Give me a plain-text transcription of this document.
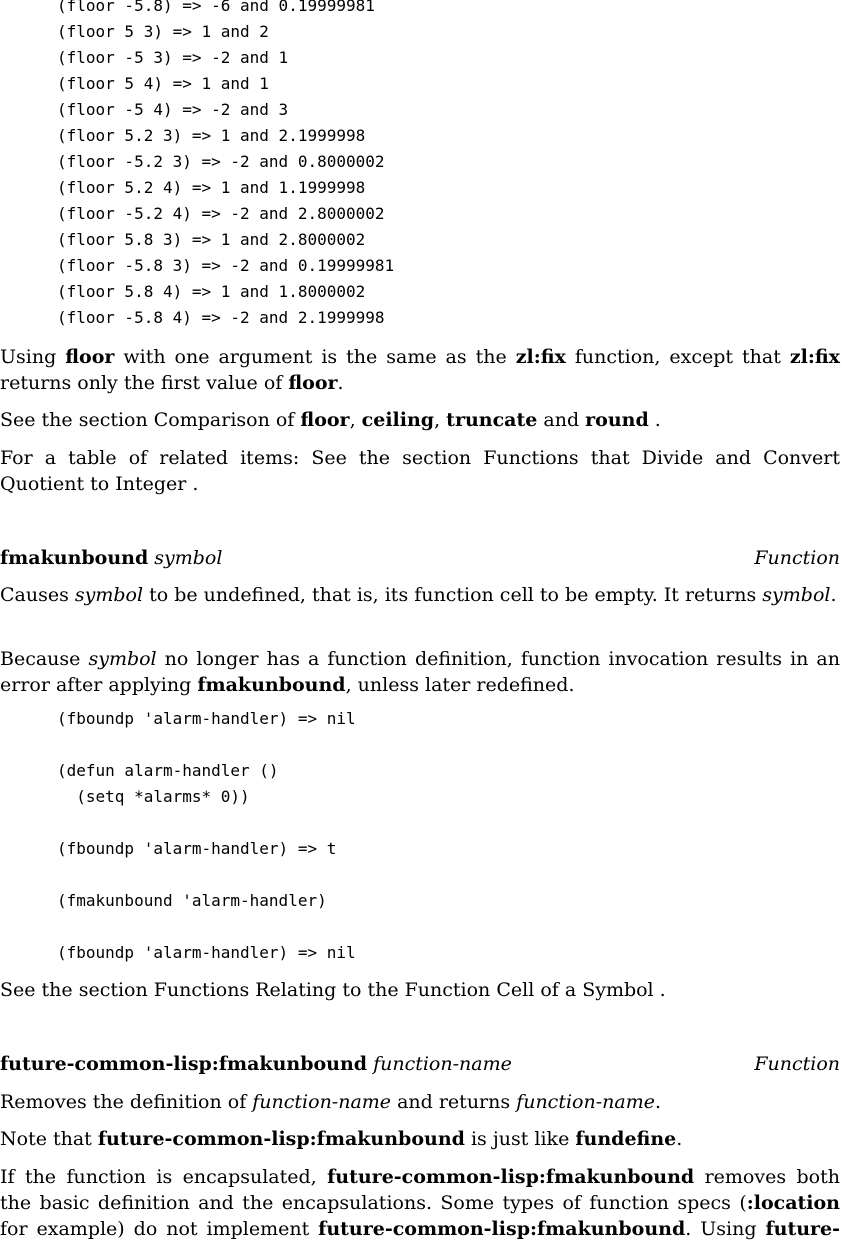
(floor -5.8) => -6 and 0.19999981
(floor 5 3) => 1 and 2
(floor -5 3) => -2 and 1
(floor 5 4) => 1 and 1
(floor -5 4) => -2 and 3
(floor 5.2 3) => 1 and 2.1999998
(floor -5.2 3) => -2 and 0.8000002
(floor 5.2 4) => 1 and 1.1999998
(floor -5.2 4) => -2 and 2.8000002
(floor 5.8 3) => 1 and 2.8000002
(floor -5.8 3) => -2 and 0.19999981
(floor 5.8 4) => 1 and 1.8000002
(floor -5.8 4) => -2 and 2.1999998

Using floor with one argument is the same as the zl:fix function, except that zl:fix returns only the first value of floor.

See the section Comparison of floor, ceiling, truncate and round .

For a table of related items: See the section Functions that Divide and Convert Quotient to Integer .

fmakunbound symbol	Function

Causes symbol to be undefined, that is, its function cell to be empty. It returns symbol.

Because symbol no longer has a function definition, function invocation results in an error after applying fmakunbound, unless later redefined.

(fboundp 'alarm-handler) => nil

(defun alarm-handler ()
(setq *alarms* 0))

(fboundp 'alarm-handler) => t

(fmakunbound 'alarm-handler)

(fboundp 'alarm-handler) => nil

See the section Functions Relating to the Function Cell of a Symbol .

future-common-lisp:fmakunbound function-name	Function

Removes the definition of function-name and returns function-name.

Note that future-common-lisp:fmakunbound is just like fundefine.

If the function is encapsulated, future-common-lisp:fmakunbound removes both the basic definition and the encapsulations. Some types of function specs (:location for example) do not implement future-common-lisp:fmakunbound. Using future-
